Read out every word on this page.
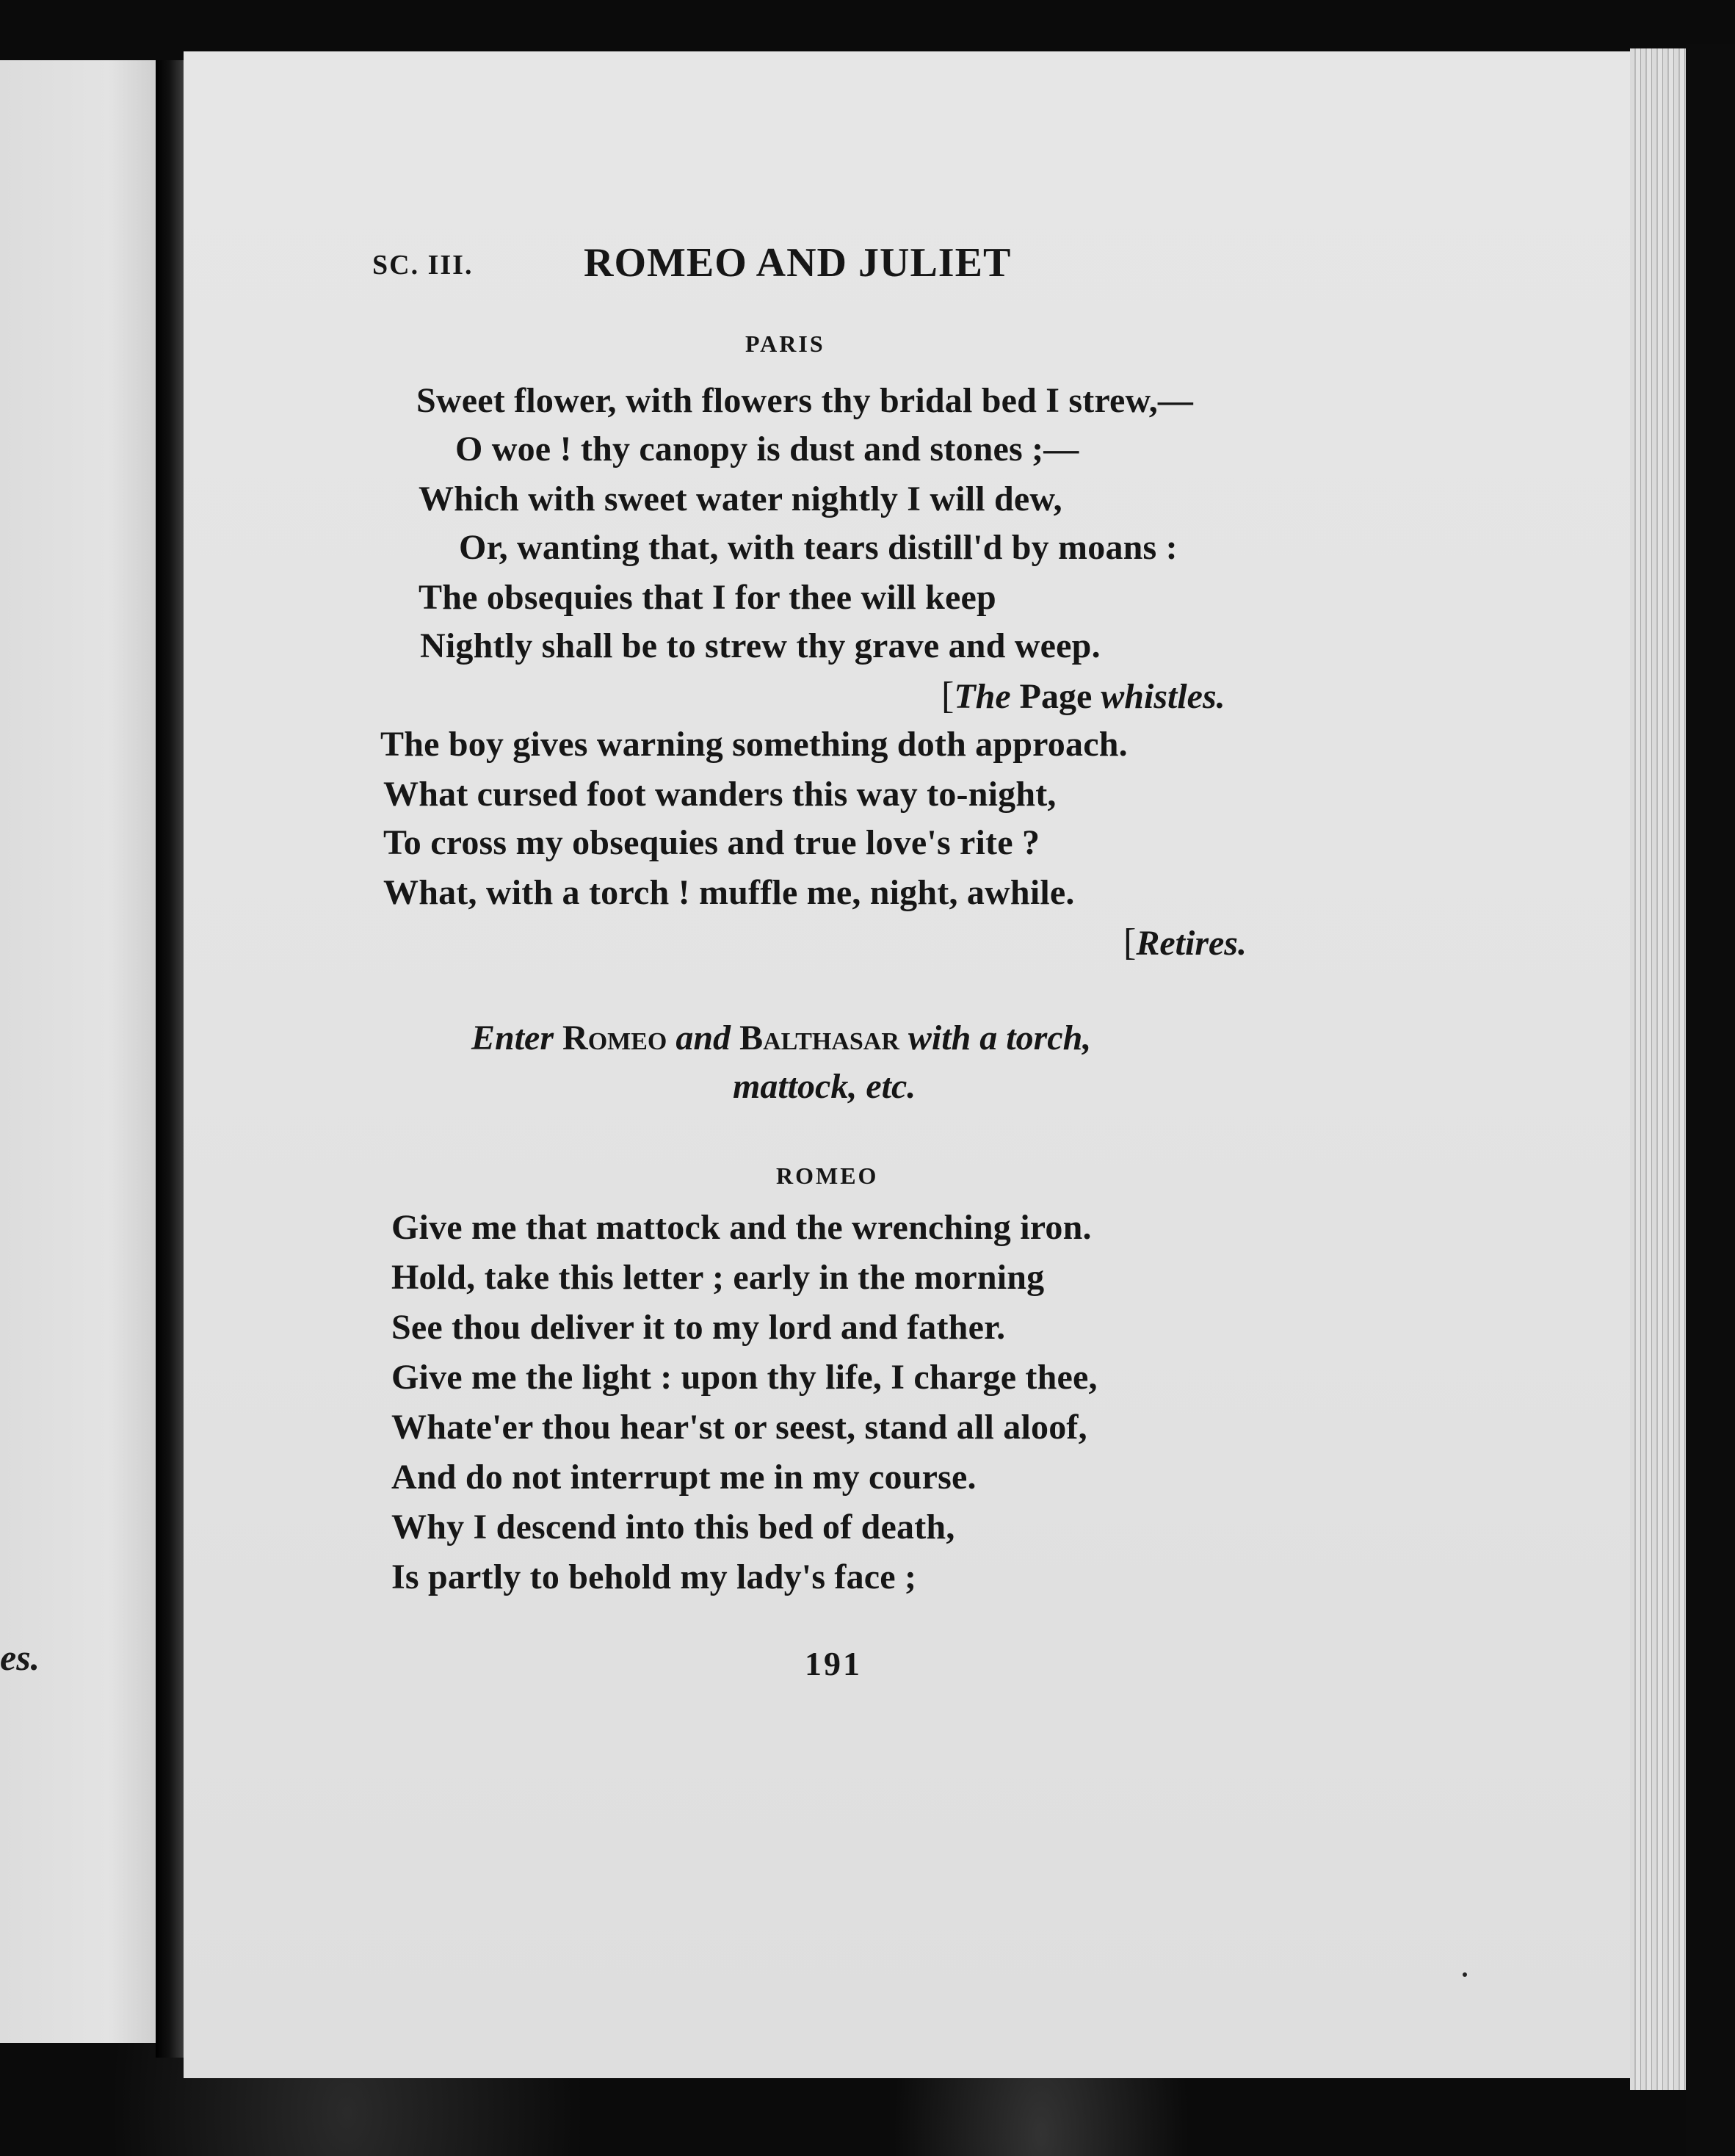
es.
SC. III.	ROMEO AND JULIET
PARIS
Sweet flower, with flowers thy bridal bed I strew,—
O woe ! thy canopy is dust and stones ;—
Which with sweet water nightly I will dew,
Or, wanting that, with tears distill'd by moans :
The obsequies that I for thee will keep
Nightly shall be to strew thy grave and weep.
[The Page whistles.
The boy gives warning something doth approach.
What cursed foot wanders this way to-night,
To cross my obsequies and true love's rite ?
What, with a torch ! muffle me, night, awhile.
[Retires.
Enter Romeo and Balthasar with a torch,
mattock, etc.
ROMEO
Give me that mattock and the wrenching iron.
Hold, take this letter ; early in the morning
See thou deliver it to my lord and father.
Give me the light : upon thy life, I charge thee,
Whate'er thou hear'st or seest, stand all aloof,
And do not interrupt me in my course.
Why I descend into this bed of death,
Is partly to behold my lady's face ;
191
